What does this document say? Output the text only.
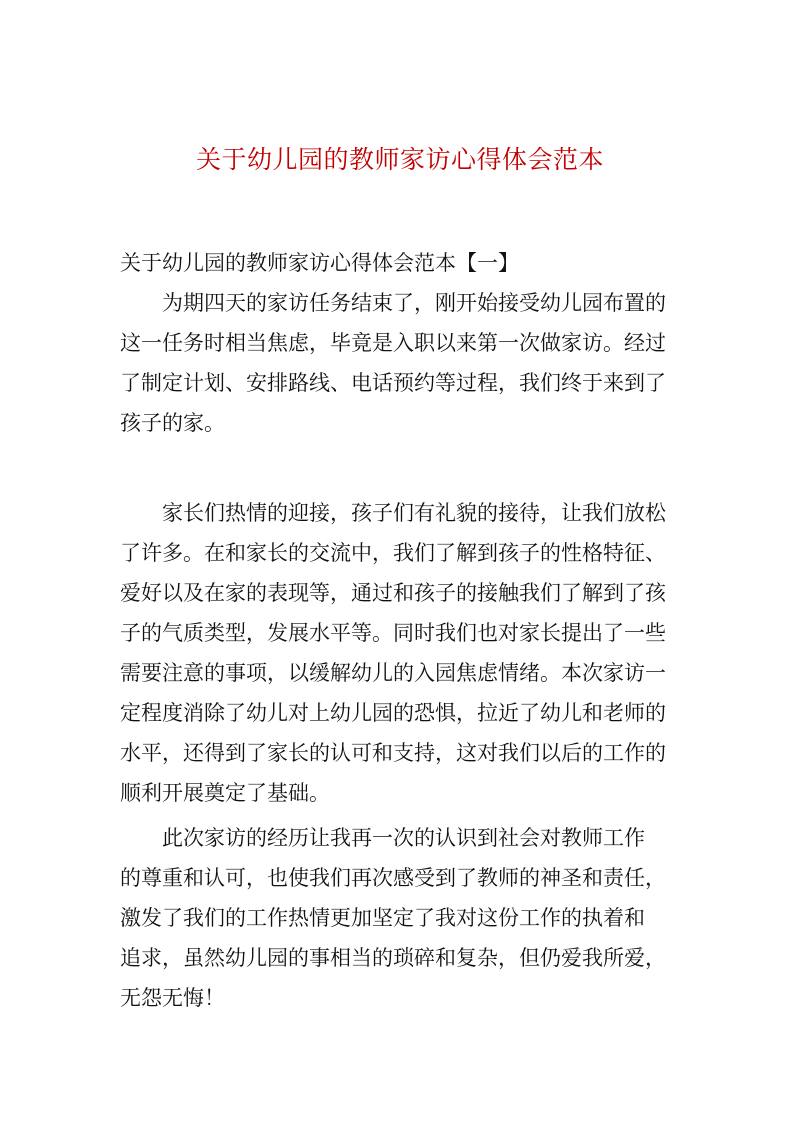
关于幼儿园的教师家访心得体会范本
关于幼儿园的教师家访心得体会范本【一】
为期四天的家访任务结束了，刚开始接受幼儿园布置的
这一任务时相当焦虑，毕竟是入职以来第一次做家访。经过
了制定计划、安排路线、电话预约等过程，我们终于来到了
孩子的家。
家长们热情的迎接，孩子们有礼貌的接待，让我们放松
了许多。在和家长的交流中，我们了解到孩子的性格特征、
爱好以及在家的表现等，通过和孩子的接触我们了解到了孩
子的气质类型，发展水平等。同时我们也对家长提出了一些
需要注意的事项，以缓解幼儿的入园焦虑情绪。本次家访一
定程度消除了幼儿对上幼儿园的恐惧，拉近了幼儿和老师的
水平，还得到了家长的认可和支持，这对我们以后的工作的
顺利开展奠定了基础。
此次家访的经历让我再一次的认识到社会对教师工作
的尊重和认可，也使我们再次感受到了教师的神圣和责任，
激发了我们的工作热情更加坚定了我对这份工作的执着和
追求，虽然幼儿园的事相当的琐碎和复杂，但仍爱我所爱，
无怨无悔！
